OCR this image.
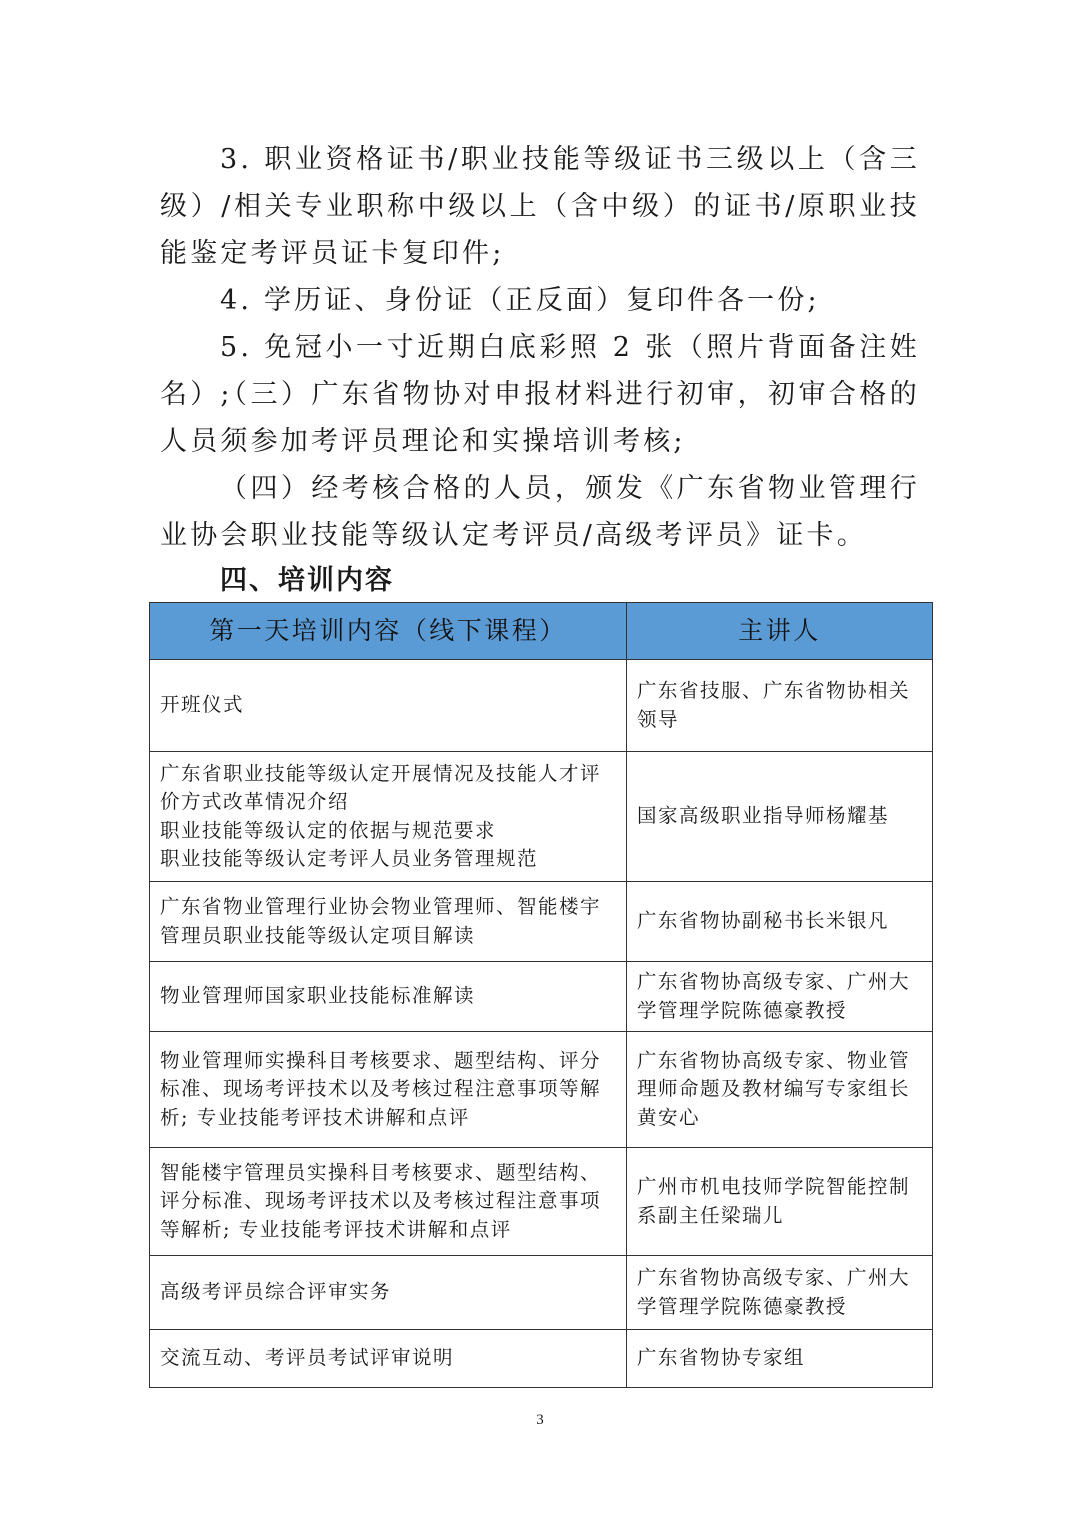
3. 职业资格证书/职业技能等级证书三级以上（含三级）/相关专业职称中级以上（含中级）的证书/原职业技能鉴定考评员证卡复印件;

4. 学历证、身份证（正反面）复印件各一份;

5. 免冠小一寸近期白底彩照 2 张（照片背面备注姓名）;

（三）广东省物协对申报材料进行初审，初审合格的人员须参加考评员理论和实操培训考核;

（四）经考核合格的人员，颁发《广东省物业管理行业协会职业技能等级认定考评员/高级考评员》证卡。

四、培训内容
第一天培训内容（线下课程）	主讲人

开班仪式	广东省技服、广东省物协相关领导

广东省职业技能等级认定开展情况及技能人才评价方式改革情况介绍
职业技能等级认定的依据与规范要求
职业技能等级认定考评人员业务管理规范	国家高级职业指导师杨耀基

广东省物业管理行业协会物业管理师、智能楼宇管理员职业技能等级认定项目解读	广东省物协副秘书长米银凡

物业管理师国家职业技能标准解读	广东省物协高级专家、广州大学管理学院陈德豪教授

物业管理师实操科目考核要求、题型结构、评分标准、现场考评技术以及考核过程注意事项等解析; 专业技能考评技术讲解和点评	广东省物协高级专家、物业管理师命题及教材编写专家组长黄安心

智能楼宇管理员实操科目考核要求、题型结构、评分标准、现场考评技术以及考核过程注意事项等解析; 专业技能考评技术讲解和点评	广州市机电技师学院智能控制系副主任梁瑞儿

高级考评员综合评审实务	广东省物协高级专家、广州大学管理学院陈德豪教授

交流互动、考评员考试评审说明	广东省物协专家组
3
